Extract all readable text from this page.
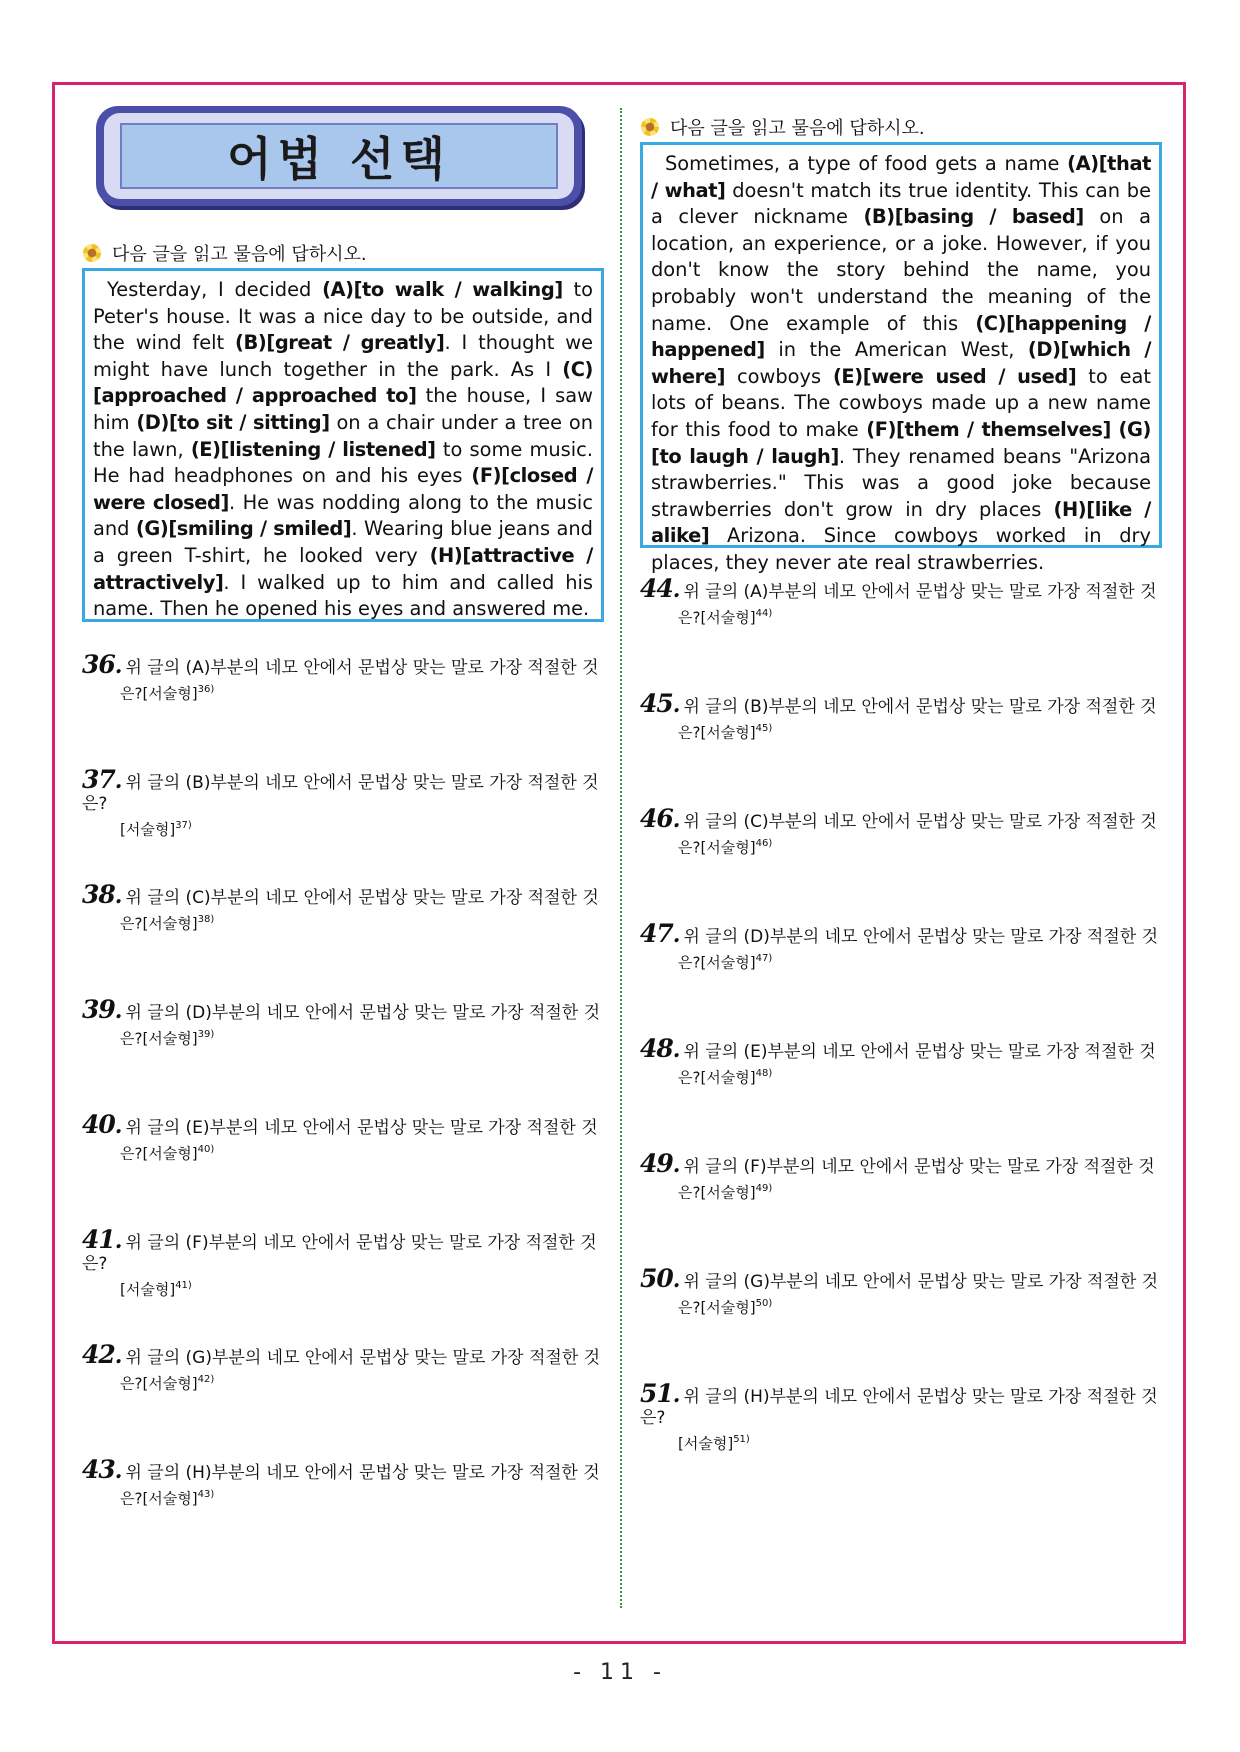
어법 선택
다음 글을 읽고 물음에 답하시오.
Yesterday, I decided (A)[to walk / walking] to Peter's house. It was a nice day to be outside, and the wind felt (B)[great / greatly]. I thought we might have lunch together in the park. As I (C)[approached / approached to] the house, I saw him (D)[to sit / sitting] on a chair under a tree on the lawn, (E)[listening / listened] to some music. He had headphones on and his eyes (F)[closed / were closed]. He was nodding along to the music and (G)[smiling / smiled]. Wearing blue jeans and a green T-shirt, he looked very (H)[attractive / attractively]. I walked up to him and called his name. Then he opened his eyes and answered me.
36. 위 글의 (A)부분의 네모 안에서 문법상 맞는 말로 가장 적절한 것
은?[서술형]$^{36)}$
37. 위 글의 (B)부분의 네모 안에서 문법상 맞는 말로 가장 적절한 것은?
[서술형]$^{37)}$
38. 위 글의 (C)부분의 네모 안에서 문법상 맞는 말로 가장 적절한 것
은?[서술형]$^{38)}$
39. 위 글의 (D)부분의 네모 안에서 문법상 맞는 말로 가장 적절한 것
은?[서술형]$^{39)}$
40. 위 글의 (E)부분의 네모 안에서 문법상 맞는 말로 가장 적절한 것
은?[서술형]$^{40)}$
41. 위 글의 (F)부분의 네모 안에서 문법상 맞는 말로 가장 적절한 것은?
[서술형]$^{41)}$
42. 위 글의 (G)부분의 네모 안에서 문법상 맞는 말로 가장 적절한 것
은?[서술형]$^{42)}$
43. 위 글의 (H)부분의 네모 안에서 문법상 맞는 말로 가장 적절한 것
은?[서술형]$^{43)}$
다음 글을 읽고 물음에 답하시오.
Sometimes, a type of food gets a name (A)[that / what] doesn't match its true identity. This can be a clever nickname (B)[basing / based] on a location, an experience, or a joke. However, if you don't know the story behind the name, you probably won't understand the meaning of the name. One example of this (C)[happening / happened] in the American West, (D)[which / where] cowboys (E)[were used / used] to eat lots of beans. The cowboys made up a new name for this food to make (F)[them / themselves] (G)[to laugh / laugh]. They renamed beans "Arizona strawberries." This was a good joke because strawberries don't grow in dry places (H)[like / alike] Arizona. Since cowboys worked in dry places, they never ate real strawberries.
44. 위 글의 (A)부분의 네모 안에서 문법상 맞는 말로 가장 적절한 것
은?[서술형]$^{44)}$
45. 위 글의 (B)부분의 네모 안에서 문법상 맞는 말로 가장 적절한 것
은?[서술형]$^{45)}$
46. 위 글의 (C)부분의 네모 안에서 문법상 맞는 말로 가장 적절한 것
은?[서술형]$^{46)}$
47. 위 글의 (D)부분의 네모 안에서 문법상 맞는 말로 가장 적절한 것
은?[서술형]$^{47)}$
48. 위 글의 (E)부분의 네모 안에서 문법상 맞는 말로 가장 적절한 것
은?[서술형]$^{48)}$
49. 위 글의 (F)부분의 네모 안에서 문법상 맞는 말로 가장 적절한 것
은?[서술형]$^{49)}$
50. 위 글의 (G)부분의 네모 안에서 문법상 맞는 말로 가장 적절한 것
은?[서술형]$^{50)}$
51. 위 글의 (H)부분의 네모 안에서 문법상 맞는 말로 가장 적절한 것은?
[서술형]$^{51)}$
- 11 -
